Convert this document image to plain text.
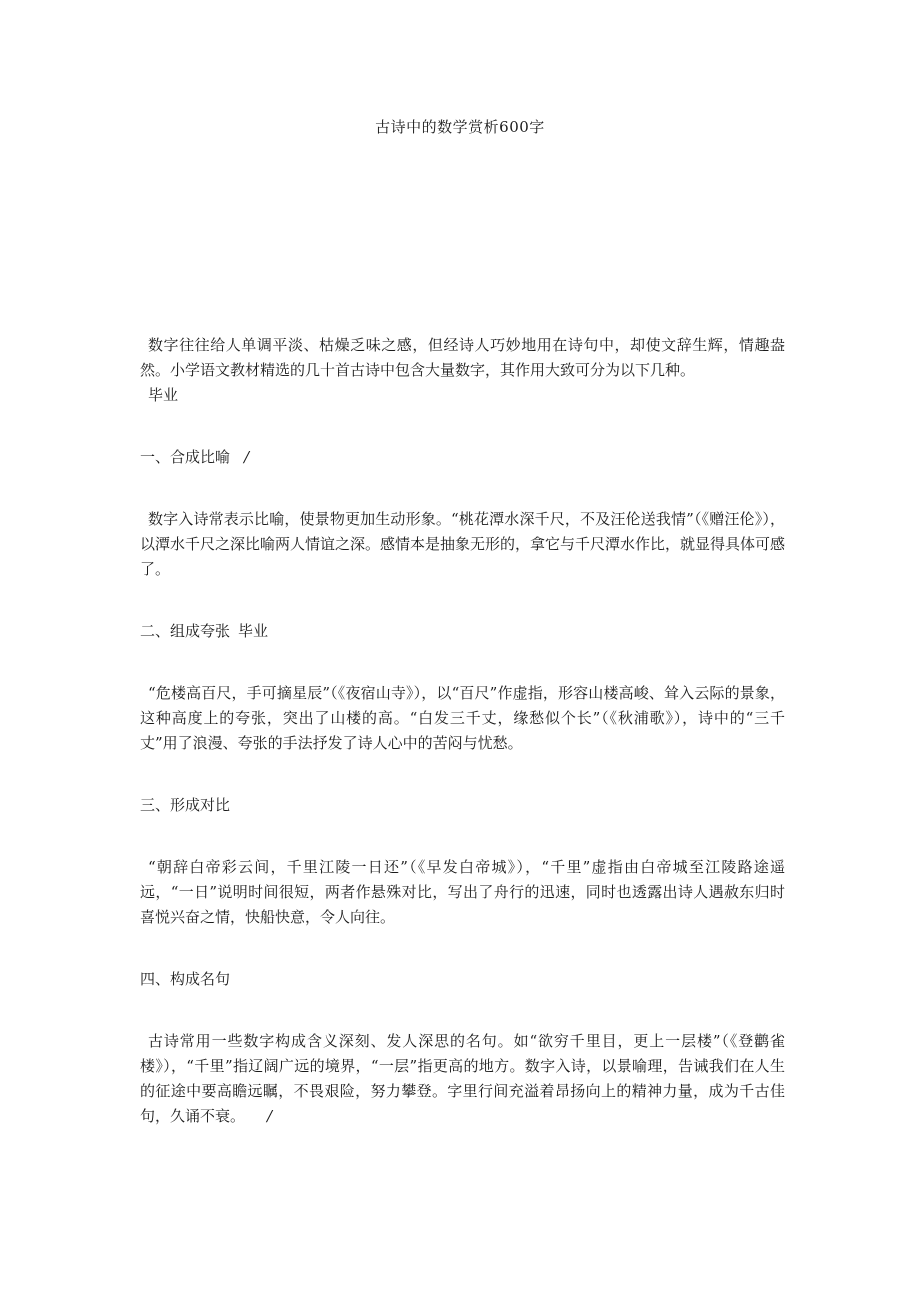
古诗中的数学赏析600字

数字往往给人单调平淡、枯燥乏味之感，但经诗人巧妙地用在诗句中，却使文辞生辉，情趣盎然。小学语文教材精选的几十首古诗中包含大量数字，其作用大致可分为以下几种。
毕业

一、合成比喻 /

数字入诗常表示比喻，使景物更加生动形象。“桃花潭水深千尺，不及汪伦送我情”（《赠汪伦》），以潭水千尺之深比喻两人情谊之深。感情本是抽象无形的，拿它与千尺潭水作比，就显得具体可感了。

二、组成夸张 毕业

“危楼高百尺，手可摘星辰”（《夜宿山寺》），以“百尺”作虚指，形容山楼高峻、耸入云际的景象，这种高度上的夸张，突出了山楼的高。“白发三千丈，缘愁似个长”（《秋浦歌》），诗中的“三千丈”用了浪漫、夸张的手法抒发了诗人心中的苦闷与忧愁。

三、形成对比

“朝辞白帝彩云间，千里江陵一日还”（《早发白帝城》），“千里”虚指由白帝城至江陵路途遥远，“一日”说明时间很短，两者作悬殊对比，写出了舟行的迅速，同时也透露出诗人遇赦东归时喜悦兴奋之情，快船快意，令人向往。

四、构成名句

古诗常用一些数字构成含义深刻、发人深思的名句。如“欲穷千里目，更上一层楼”（《登鹳雀楼》），“千里”指辽阔广远的境界，“一层”指更高的地方。数字入诗，以景喻理，告诫我们在人生的征途中要高瞻远瞩，不畏艰险，努力攀登。字里行间充溢着昂扬向上的精神力量，成为千古佳句，久诵不衰。 /
